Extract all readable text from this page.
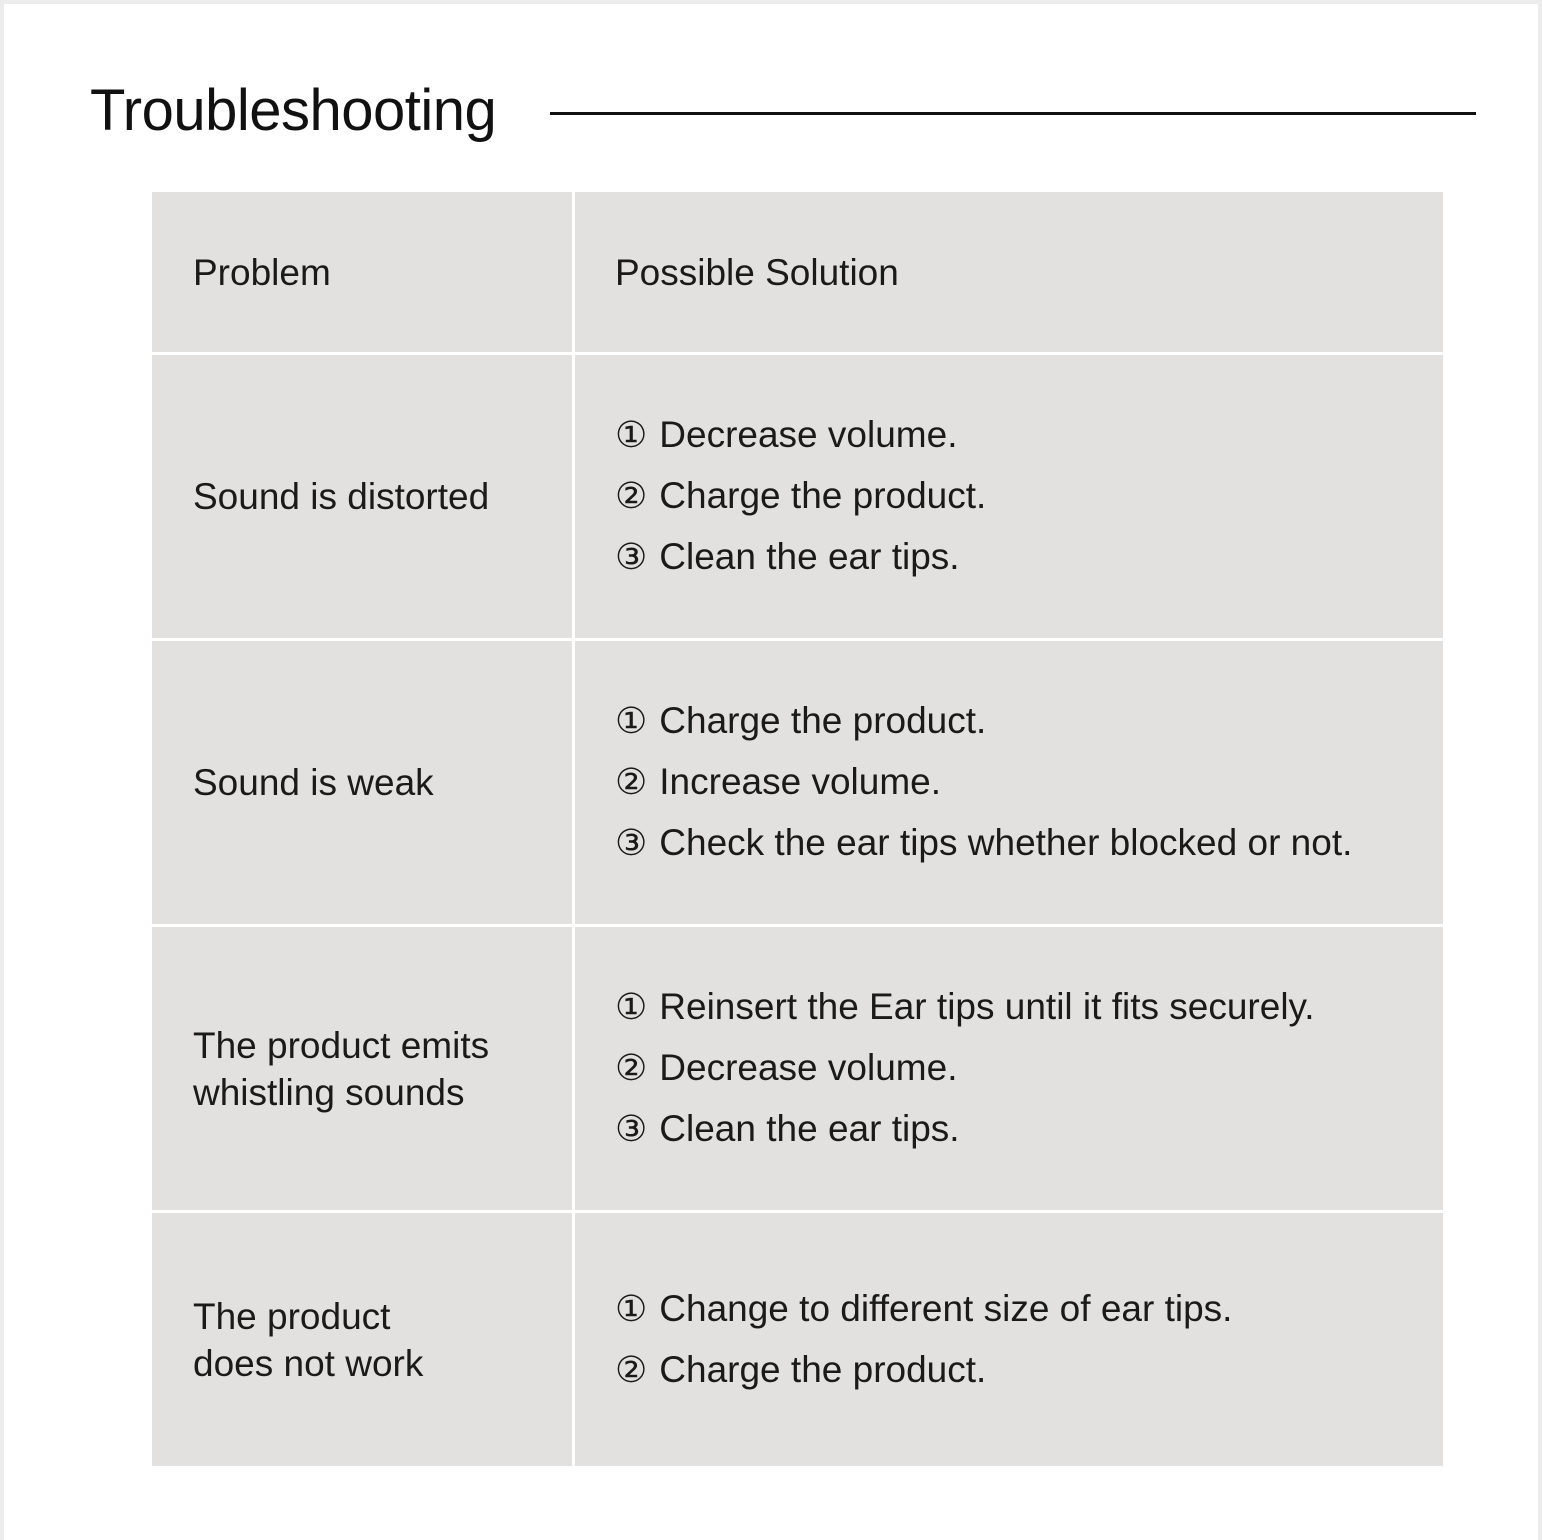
Troubleshooting
Problem	Possible Solution
Sound is distorted
① Decrease volume.
② Charge the product.
③ Clean the ear tips.
Sound is weak
① Charge the product.
② Increase volume.
③ Check the ear tips whether blocked or not.
The product emits
whistling sounds
① Reinsert the Ear tips until it fits securely.
② Decrease volume.
③ Clean the ear tips.
The product
does not work
① Change to different size of ear tips.
② Charge the product.
